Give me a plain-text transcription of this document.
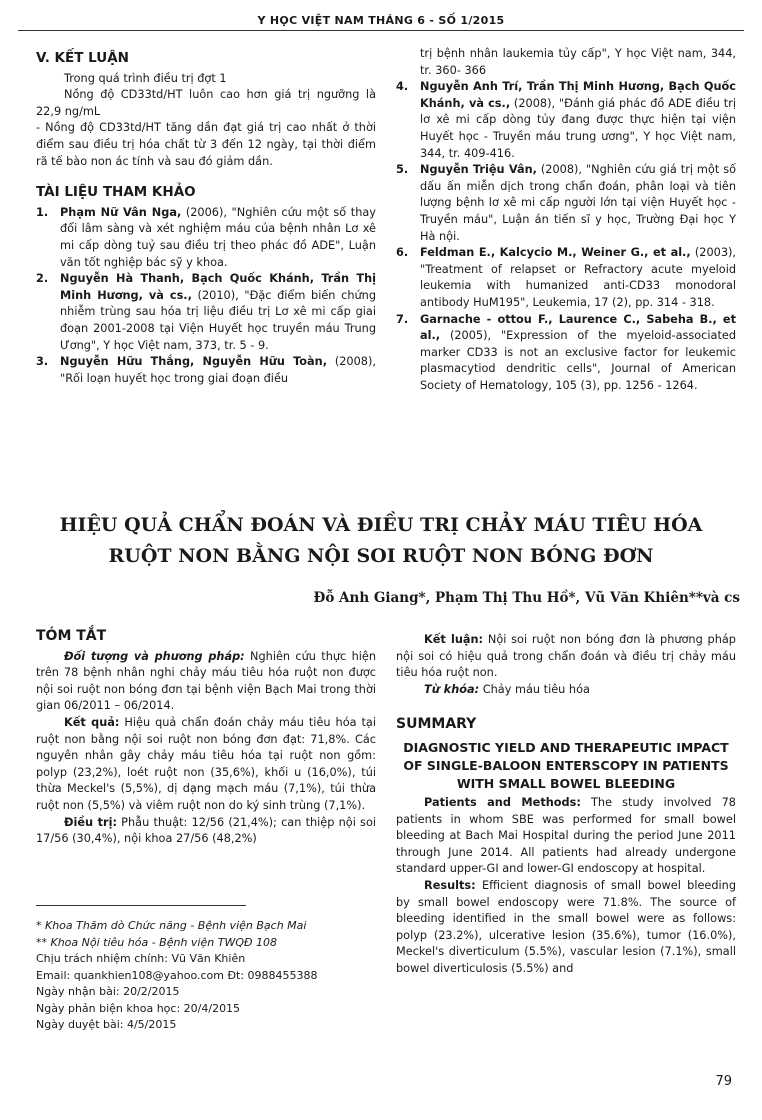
Y HỌC VIỆT NAM THÁNG 6 - SỐ 1/2015
V. KẾT LUẬN

Trong quá trình điều trị đợt 1

Nồng độ CD33td/HT luôn cao hơn giá trị ngưỡng là 22,9 ng/mL

- Nồng độ CD33td/HT tăng dần đạt giá trị cao nhất ở thời điểm sau điều trị hóa chất từ 3 đến 12 ngày, tại thời điểm rã tế bào non ác tính và sau đó giảm dần.

TÀI LIỆU THAM KHẢO
1.	Phạm Nữ Vân Nga, (2006), "Nghiên cứu một số thay đổi lâm sàng và xét nghiệm máu của bệnh nhân Lơ xê mi cấp dòng tuỷ sau điều trị theo phác đồ ADE", Luận văn tốt nghiệp bác sỹ y khoa.
2.	Nguyễn Hà Thanh, Bạch Quốc Khánh, Trần Thị Minh Hương, và cs., (2010), "Đặc điểm biến chứng nhiễm trùng sau hóa trị liệu điều trị Lơ xê mi cấp giai đoạn 2001-2008 tại Viện Huyết học truyền máu Trung Ương", Y học Việt nam, 373, tr. 5 - 9.
3.	Nguyễn Hữu Thắng, Nguyễn Hữu Toàn, (2008), "Rối loạn huyết học trong giai đoạn điều
trị bệnh nhân laukemia tủy cấp", Y học Việt nam, 344, tr. 360- 366
4.	Nguyễn Anh Trí, Trần Thị Minh Hương, Bạch Quốc Khánh, và cs., (2008), "Đánh giá phác đồ ADE điều trị lơ xê mi cấp dòng tủy đang được thực hiện tại viện Huyết học - Truyền máu trung ương", Y học Việt nam, 344, tr. 409-416.
5.	Nguyễn Triệu Vân, (2008), "Nghiên cứu giá trị một số dấu ấn miễn dịch trong chẩn đoán, phân loại và tiên lượng bệnh lơ xê mi cấp người lớn tại viện Huyết học - Truyền máu", Luận án tiến sĩ y học, Trường Đại học Y Hà nội.
6.	Feldman E., Kalcycio M., Weiner G., et al., (2003), "Treatment of relapset or Refractory acute myeloid leukemia with humanized anti-CD33 monodoral antibody HuM195", Leukemia, 17 (2), pp. 314 - 318.
7.	Garnache - ottou F., Laurence C., Sabeha B., et al., (2005), "Expression of the myeloid-associated marker CD33 is not an exclusive factor for leukemic plasmacytiod dendritic cells", Journal of American Society of Hematology, 105 (3), pp. 1256 - 1264.
HIỆU QUẢ CHẨN ĐOÁN VÀ ĐIỀU TRỊ CHẢY MÁU TIÊU HÓA
RUỘT NON BẰNG NỘI SOI RUỘT NON BÓNG ĐƠN
Đỗ Anh Giang*, Phạm Thị Thu Hồ*, Vũ Văn Khiên**và cs
TÓM TẮT

Đối tượng và phương pháp: Nghiên cứu thực hiện trên 78 bệnh nhân nghi chảy máu tiêu hóa ruột non được nội soi ruột non bóng đơn tại bệnh viện Bạch Mai trong thời gian 06/2011 – 06/2014.

Kết quả: Hiệu quả chẩn đoán chảy máu tiêu hóa tại ruột non bằng nội soi ruột non bóng đơn đạt: 71,8%. Các nguyên nhân gây chảy máu tiêu hóa tại ruột non gồm: polyp (23,2%), loét ruột non (35,6%), khối u (16,0%), túi thừa Meckel's (5,5%), dị dạng mạch máu (7,1%), túi thừa ruột non (5,5%) và viêm ruột non do ký sinh trùng (7,1%).

Điều trị: Phẫu thuật: 12/56 (21,4%); can thiệp nội soi 17/56 (30,4%), nội khoa 27/56 (48,2%)

Kết luận: Nội soi ruột non bóng đơn là phương pháp nội soi có hiệu quả trong chẩn đoán và điều trị chảy máu tiêu hóa ruột non.

Từ khóa: Chảy máu tiêu hóa

SUMMARY
DIAGNOSTIC YIELD AND THERAPEUTIC IMPACT OF SINGLE-BALOON ENTERSCOPY IN PATIENTS WITH SMALL BOWEL BLEEDING

Patients and Methods: The study involved 78 patients in whom SBE was performed for small bowel bleeding at Bach Mai Hospital during the period June 2011 through June 2014. All patients had already undergone standard upper-GI and lower-GI endoscopy at hospital.

Results: Efficient diagnosis of small bowel bleeding by small bowel endoscopy were 71.8%. The source of bleeding identified in the small bowel were as follows: polyp (23.2%), ulcerative lesion (35.6%), tumor (16.0%), Meckel's diverticulum (5.5%), vascular lesion (7.1%), small bowel diverticulosis (5.5%) and

* Khoa Thăm dò Chức năng - Bệnh viện Bạch Mai
** Khoa Nội tiêu hóa - Bệnh viện TWQĐ 108
Chịu trách nhiệm chính: Vũ Văn Khiên
Email: quankhien108@yahoo.com Đt: 0988455388
Ngày nhận bài: 20/2/2015
Ngày phản biện khoa học: 20/4/2015
Ngày duyệt bài: 4/5/2015
79
